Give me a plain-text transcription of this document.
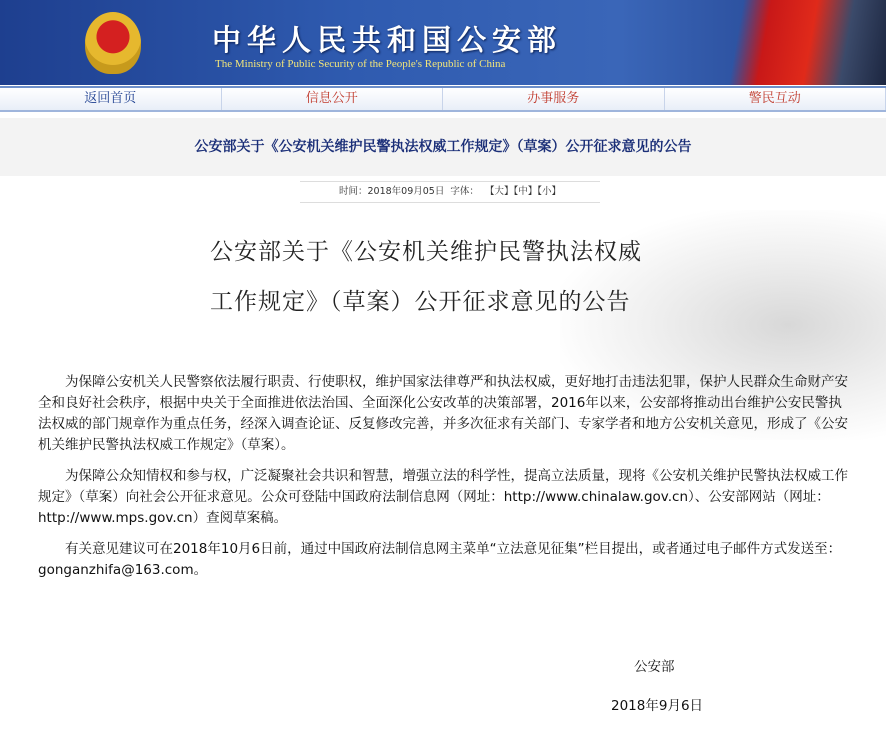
中华人民共和国公安部
The Ministry of Public Security of the People's Republic of China
返回首页	信息公开	办事服务	警民互动
公安部关于《公安机关维护民警执法权威工作规定》（草案）公开征求意见的公告
时间：2018年09月05日 字体： 【大】【中】【小】
公安部关于《公安机关维护民警执法权威
工作规定》（草案）公开征求意见的公告

为保障公安机关人民警察依法履行职责、行使职权，维护国家法律尊严和执法权威，更好地打击违法犯罪，保护人民群众生命财产安全和良好社会秩序，根据中央关于全面推进依法治国、全面深化公安改革的决策部署，2016年以来，公安部将推动出台维护公安民警执法权威的部门规章作为重点任务，经深入调查论证、反复修改完善，并多次征求有关部门、专家学者和地方公安机关意见，形成了《公安机关维护民警执法权威工作规定》（草案）。

为保障公众知情权和参与权，广泛凝聚社会共识和智慧，增强立法的科学性，提高立法质量，现将《公安机关维护民警执法权威工作规定》（草案）向社会公开征求意见。公众可登陆中国政府法制信息网（网址：http://www.chinalaw.gov.cn）、公安部网站（网址：http://www.mps.gov.cn）查阅草案稿。

有关意见建议可在2018年10月6日前，通过中国政府法制信息网主菜单“立法意见征集”栏目提出，或者通过电子邮件方式发送至：gonganzhifa@163.com。

公安部
2018年9月6日
